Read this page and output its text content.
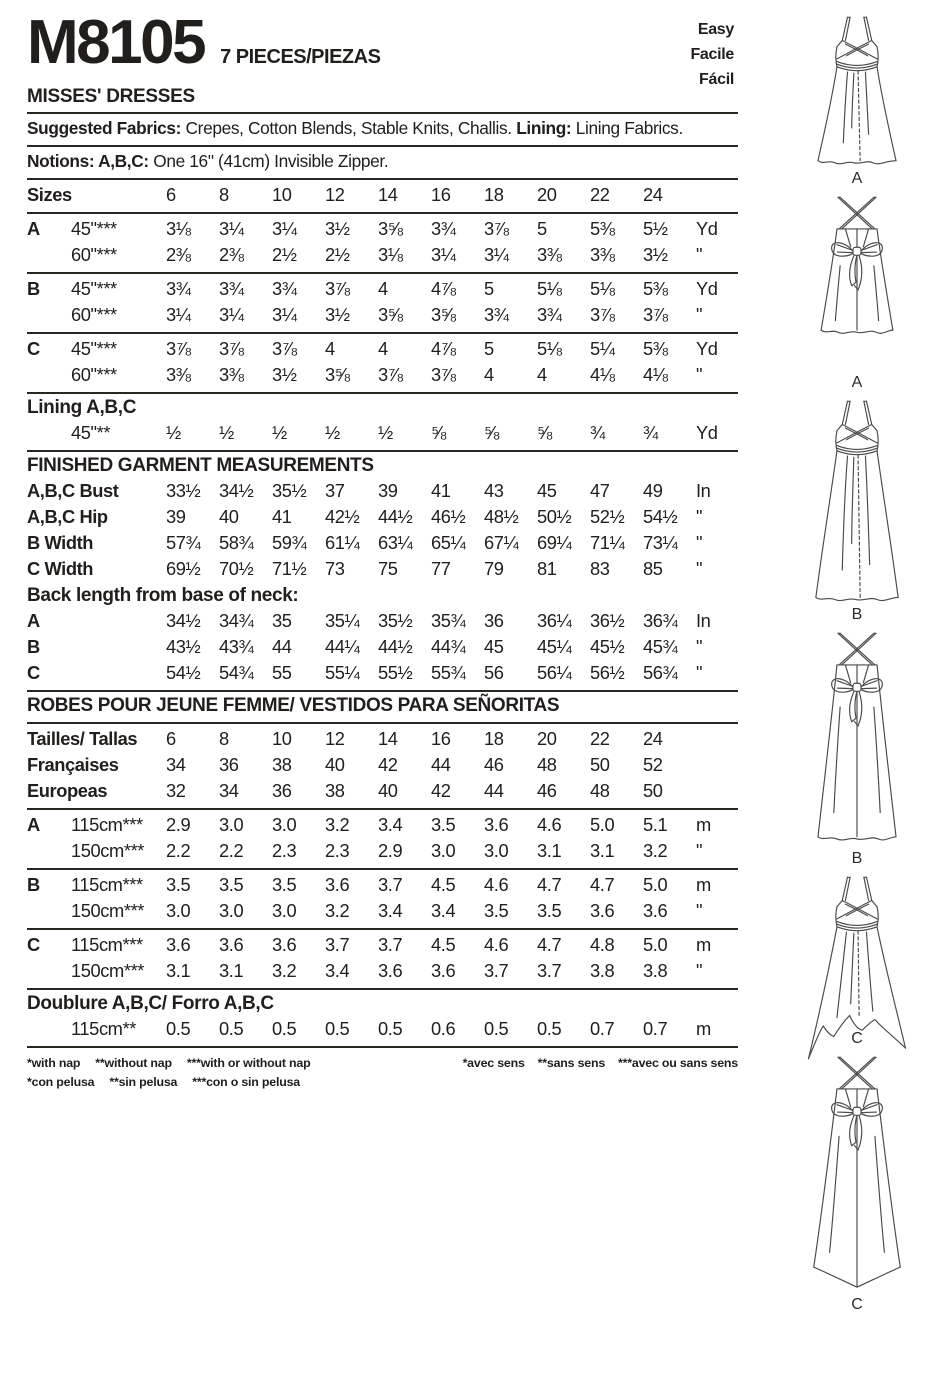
M8105 7 PIECES/PIEZAS
Easy
Facile
Fácil
MISSES' DRESSES
Suggested Fabrics: Crepes, Cotton Blends, Stable Knits, Challis. Lining: Lining Fabrics.
Notions: A,B,C: One 16" (41cm) Invisible Zipper.
Sizes	6	8	10	12	14	16	18	20	22	24
A	45"***	3⅛	3¼	3¼	3½	3⅝	3¾	3⅞	5	5⅜	5½	Yd
60"***	2⅜	2⅜	2½	2½	3⅛	3¼	3¼	3⅜	3⅜	3½	"
B	45"***	3¾	3¾	3¾	3⅞	4	4⅞	5	5⅛	5⅛	5⅜	Yd
60"***	3¼	3¼	3¼	3½	3⅝	3⅝	3¾	3¾	3⅞	3⅞	"
C	45"***	3⅞	3⅞	3⅞	4	4	4⅞	5	5⅛	5¼	5⅜	Yd
60"***	3⅜	3⅜	3½	3⅝	3⅞	3⅞	4	4	4⅛	4⅛	"
Lining A,B,C
45"**	½	½	½	½	½	⅝	⅝	⅝	¾	¾	Yd
FINISHED GARMENT MEASUREMENTS
A,B,C Bust	33½	34½	35½	37	39	41	43	45	47	49	In
A,B,C Hip	39	40	41	42½	44½	46½	48½	50½	52½	54½	"
B Width	57¾	58¾	59¾	61¼	63¼	65¼	67¼	69¼	71¼	73¼	"
C Width	69½	70½	71½	73	75	77	79	81	83	85	"
Back length from base of neck:
A	34½	34¾	35	35¼	35½	35¾	36	36¼	36½	36¾	In
B	43½	43¾	44	44¼	44½	44¾	45	45¼	45½	45¾	"
C	54½	54¾	55	55¼	55½	55¾	56	56¼	56½	56¾	"
ROBES POUR JEUNE FEMME/ VESTIDOS PARA SEÑORITAS
Tailles/ Tallas	6	8	10	12	14	16	18	20	22	24
Françaises	34	36	38	40	42	44	46	48	50	52
Europeas	32	34	36	38	40	42	44	46	48	50
A	115cm***	2.9	3.0	3.0	3.2	3.4	3.5	3.6	4.6	5.0	5.1	m
150cm***	2.2	2.2	2.3	2.3	2.9	3.0	3.0	3.1	3.1	3.2	"
B	115cm***	3.5	3.5	3.5	3.6	3.7	4.5	4.6	4.7	4.7	5.0	m
150cm***	3.0	3.0	3.0	3.2	3.4	3.4	3.5	3.5	3.6	3.6	"
C	115cm***	3.6	3.6	3.6	3.7	3.7	4.5	4.6	4.7	4.8	5.0	m
150cm***	3.1	3.1	3.2	3.4	3.6	3.6	3.7	3.7	3.8	3.8	"
Doublure A,B,C/ Forro A,B,C
115cm**	0.5	0.5	0.5	0.5	0.5	0.6	0.5	0.5	0.7	0.7	m
*with nap **without nap ***with or without nap
*con pelusa **sin pelusa ***con o sin pelusa
*avec sens **sans sens ***avec ou sans sens
A
A
B
B
C
C
